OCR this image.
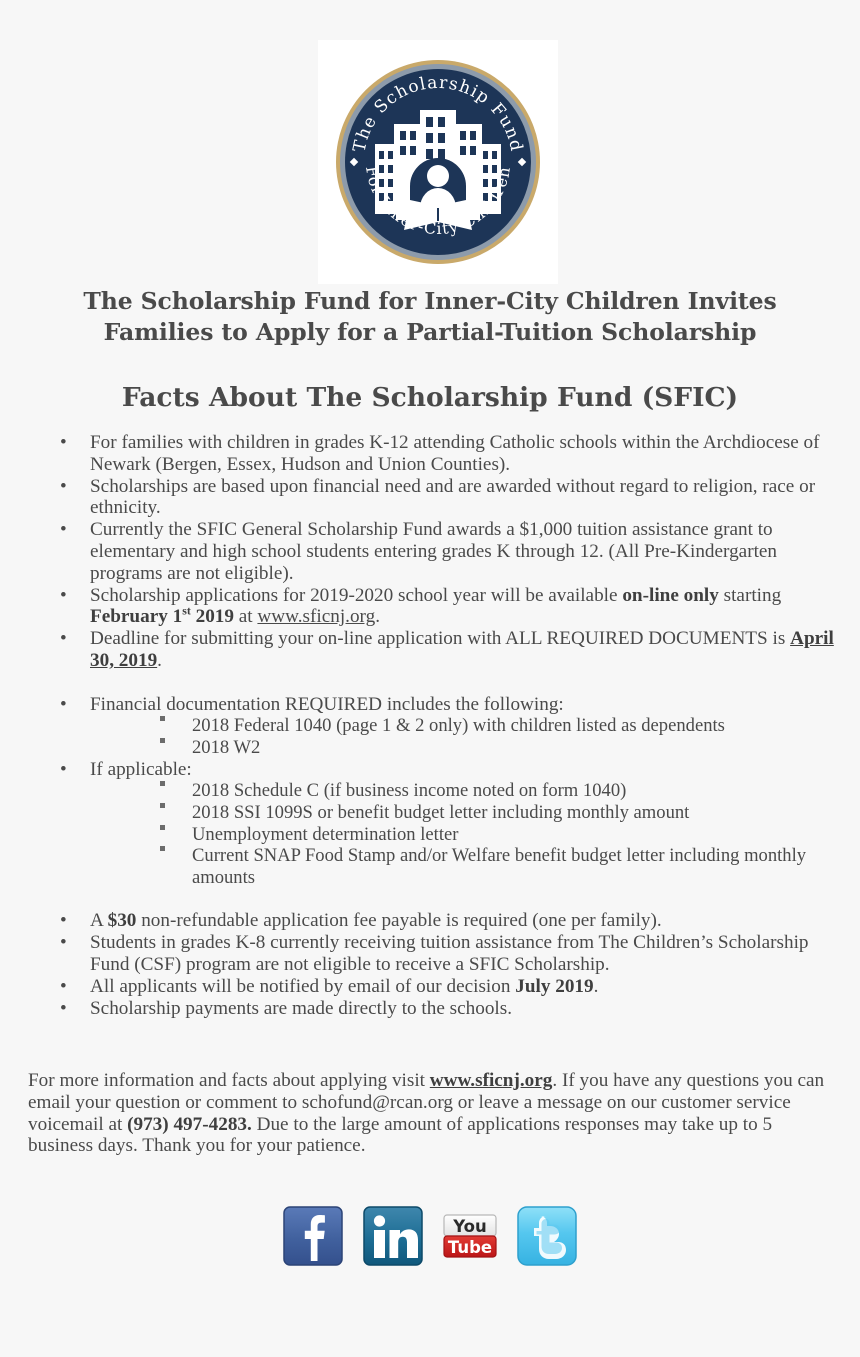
The Scholarship Fund
For Inner-City Children
The Scholarship Fund for Inner-City Children Invites
Families to Apply for a Partial-Tuition Scholarship
Facts About The Scholarship Fund (SFIC)
• For families with children in grades K-12 attending Catholic schools within the Archdiocese of Newark (Bergen, Essex, Hudson and Union Counties).
• Scholarships are based upon financial need and are awarded without regard to religion, race or ethnicity.
• Currently the SFIC General Scholarship Fund awards a $1,000 tuition assistance grant to elementary and high school students entering grades K through 12. (All Pre-Kindergarten programs are not eligible).
• Scholarship applications for 2019-2020 school year will be available on-line only starting February 1st 2019 at www.sficnj.org.
• Deadline for submitting your on-line application with ALL REQUIRED DOCUMENTS is April 30, 2019.
• Financial documentation REQUIRED includes the following:
2018 Federal 1040 (page 1 & 2 only) with children listed as dependents
2018 W2
• If applicable:
2018 Schedule C (if business income noted on form 1040)
2018 SSI 1099S or benefit budget letter including monthly amount
Unemployment determination letter
Current SNAP Food Stamp and/or Welfare benefit budget letter including monthly amounts
• A $30 non-refundable application fee payable is required (one per family).
• Students in grades K-8 currently receiving tuition assistance from The Children’s Scholarship Fund (CSF) program are not eligible to receive a SFIC Scholarship.
• All applicants will be notified by email of our decision July 2019.
• Scholarship payments are made directly to the schools.
For more information and facts about applying visit www.sficnj.org. If you have any questions you can email your question or comment to schofund@rcan.org or leave a message on our customer service voicemail at (973) 497-4283. Due to the large amount of applications responses may take up to 5 business days. Thank you for your patience.
You
Tube
